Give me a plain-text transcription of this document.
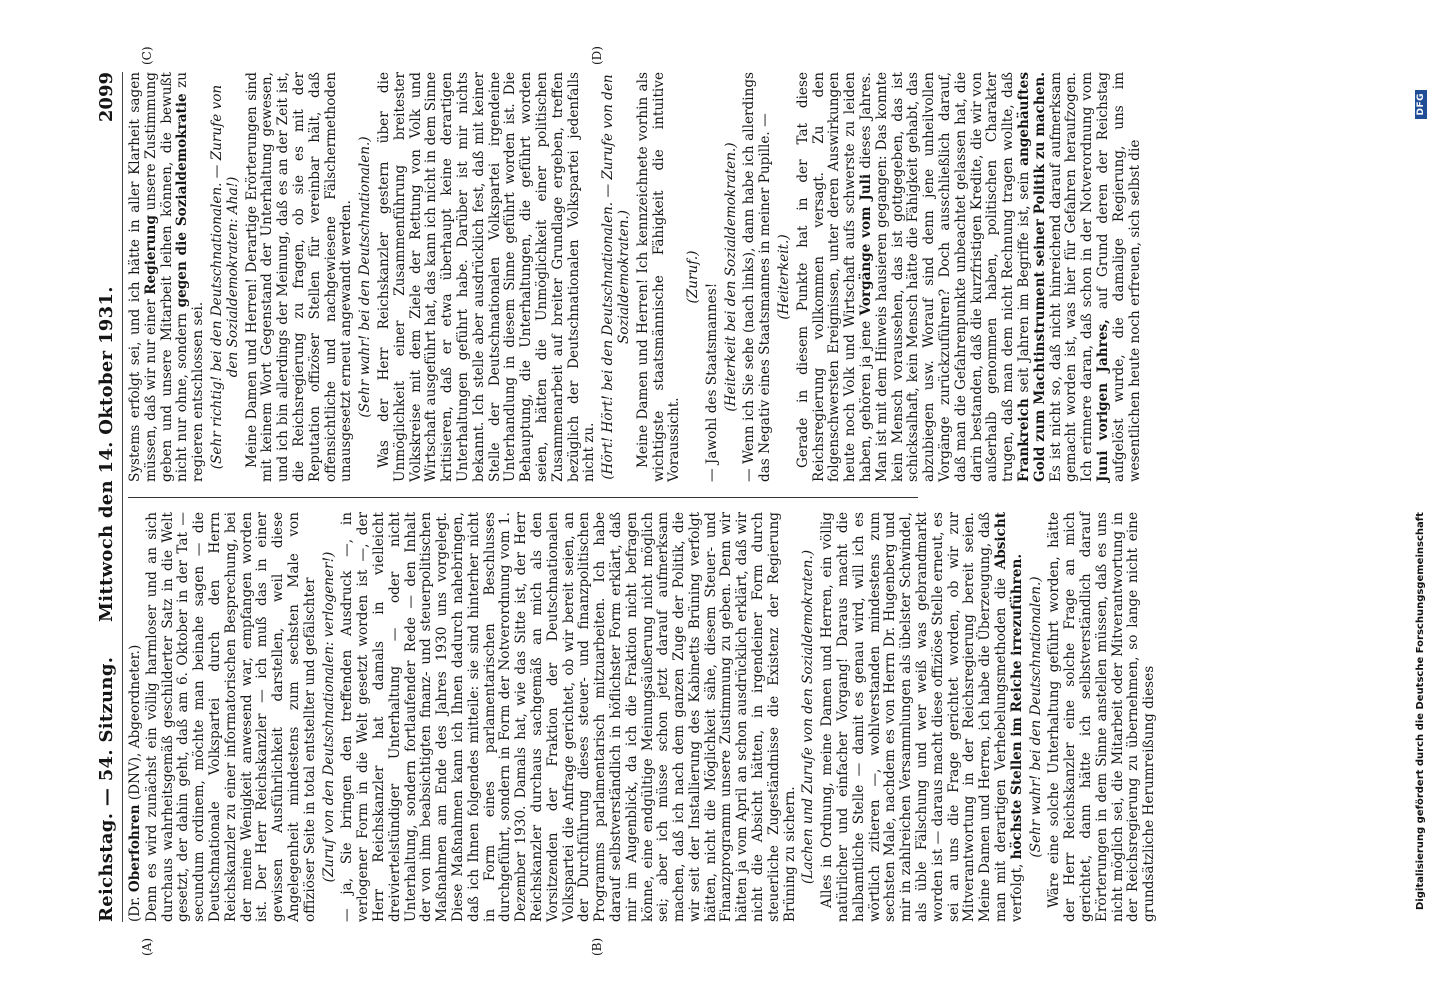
Reichstag. — 54. Sitzung.
Mittwoch den 14. Oktober 1931.
2099
(A)	(B)
(C)	(D)

(Dr. Oberfohren (DNV), Abgeordneter.) Denn es wird zunächst ein völlig harmloser und an sich durchaus wahrheitsgemäß geschilderter Satz in die Welt gesetzt, der dahin geht, daß am 6. Oktober in der Tat — secundum ordinem, möchte man beinahe sagen — die Deutschnationale Volkspartei durch den Herrn Reichskanzler zu einer informatorischen Besprechung, bei der meine Wenigkeit anwesend war, empfangen worden ist. Der Herr Reichskanzler — ich muß das in einer gewissen Ausführlichkeit darstellen, weil diese Angelegenheit mindestens zum sechsten Male von offiziöser Seite in total entstellter und gefälschter (Zuruf von den Deutschnationalen: verlogener!) — ja, Sie bringen den treffenden Ausdruck —, in verlogener Form in die Welt gesetzt worden ist —, der Herr Reichskanzler hat damals in vielleicht dreiviertelstündiger Unterhaltung — oder nicht Unterhaltung, sondern fortlaufender Rede — den Inhalt der von ihm beabsichtigten finanz- und steuerpolitischen Maßnahmen am Ende des Jahres 1930 uns vorgelegt. Diese Maßnahmen kann ich Ihnen dadurch nahebringen, daß ich Ihnen folgendes mitteile: sie sind hinterher nicht in Form eines parlamentarischen Beschlusses durchgeführt, sondern in Form der Notverordnung vom 1. Dezember 1930. Damals hat, wie das Sitte ist, der Herr Reichskanzler durchaus sachgemäß an mich als den Vorsitzenden der Fraktion der Deutschnationalen Volkspartei die Anfrage gerichtet, ob wir bereit seien, an der Durchführung dieses steuer- und finanzpolitischen Programms parlamentarisch mitzuarbeiten. Ich habe darauf selbstverständlich in höflichster Form erklärt, daß mir im Augenblick, da ich die Fraktion nicht befragen könne, eine endgültige Meinungsäußerung nicht möglich sei; aber ich müsse schon jetzt darauf aufmerksam machen, daß ich nach dem ganzen Zuge der Politik, die wir seit der Installierung des Kabinetts Brüning verfolgt hätten, nicht die Möglichkeit sähe, diesem Steuer- und Finanzprogramm unsere Zustimmung zu geben. Denn wir hätten ja vom April an schon ausdrücklich erklärt, daß wir nicht die Absicht hätten, in irgendeiner Form durch steuerliche Zugeständnisse die Existenz der Regierung Brüning zu sichern. (Lachen und Zurufe von den Sozialdemokraten.) Alles in Ordnung, meine Damen und Herren, ein völlig natürlicher und einfacher Vorgang! Daraus macht die halbamtliche Stelle — damit es genau wird, will ich es wörtlich zitieren —, wohlverstanden mindestens zum sechsten Male, nachdem es von Herrn Dr. Hugenberg und mir in zahlreichen Versammlungen als übelster Schwindel, als üble Fälschung und wer weiß was gebrandmarkt worden ist — daraus macht diese offiziöse Stelle erneut, es sei an uns die Frage gerichtet worden, ob wir zur Mitverantwortung in der Reichsregierung bereit seien. Meine Damen und Herren, ich habe die Überzeugung, daß man mit derartigen Verhebelungsmethoden die Absicht verfolgt, höchste Stellen im Reiche irrezuführen. (Sehr wahr! bei den Deutschnationalen.) Wäre eine solche Unterhaltung geführt worden, hätte der Herr Reichskanzler eine solche Frage an mich gerichtet, dann hätte ich selbstverständlich darauf Erörterungen in dem Sinne anstellen müssen, daß es uns nicht möglich sei, die Mitarbeit oder Mitverantwortung in der Reichsregierung zu übernehmen, so lange nicht eine grundsätzliche Herumreißung dieses

Systems erfolgt sei, und ich hätte in aller Klarheit sagen müssen, daß wir nur einer Regierung unsere Zustimmung geben und unsere Mitarbeit leihen können, die bewußt nicht nur ohne, sondern gegen die Sozialdemokratie zu regieren entschlossen sei. (Sehr richtig! bei den Deutschnationalen. — Zurufe von den Sozialdemokraten: Aha!) Meine Damen und Herren! Derartige Erörterungen sind mit keinem Wort Gegenstand der Unterhaltung gewesen, und ich bin allerdings der Meinung, daß es an der Zeit ist, die Reichsregierung zu fragen, ob sie es mit der Reputation offizöser Stellen für vereinbar hält, daß offensichtliche und nachgewiesene Fälschermethoden unausgesetzt erneut angewandt werden. (Sehr wahr! bei den Deutschnationalen.) Was der Herr Reichskanzler gestern über die Unmöglichkeit einer Zusammenführung breitester Volkskreise mit dem Ziele der Rettung von Volk und Wirtschaft ausgeführt hat, das kann ich nicht in dem Sinne kritisieren, daß er etwa überhaupt keine derartigen Unterhaltungen geführt habe. Darüber ist mir nichts bekannt. Ich stelle aber ausdrücklich fest, daß mit keiner Stelle der Deutschnationalen Volkspartei irgendeine Unterhandlung in diesem Sinne geführt worden ist. Die Behauptung, die Unterhaltungen, die geführt worden seien, hätten die Unmöglichkeit einer politischen Zusammenarbeit auf breiter Grundlage ergeben, treffen bezüglich der Deutschnationalen Volkspartei jedenfalls nicht zu. (Hört! Hört! bei den Deutschnationalen. — Zurufe von den Sozialdemokraten.) Meine Damen und Herren! Ich kennzeichnete vorhin als wichtigste staatsmännische Fähigkeit die intuitive Voraussicht.

(Zuruf.)

— Jawohl des Staatsmannes! (Heiterkeit bei den Sozialdemokraten.) — Wenn ich Sie sehe (nach links), dann habe ich allerdings das Negativ eines Staatsmannes in meiner Pupille. — (Heiterkeit.) Gerade in diesem Punkte hat in der Tat diese Reichsregierung vollkommen versagt. Zu den folgenschwersten Ereignissen, unter deren Auswirkungen heute noch Volk und Wirtschaft aufs schwerste zu leiden haben, gehören ja jene Vorgänge vom Juli dieses Jahres. Man ist mit dem Hinweis hausieren gegangen: Das konnte kein Mensch voraussehen, das ist gottgegeben, das ist schicksalhaft, kein Mensch hätte die Fähigkeit gehabt, das abzubiegen usw. Worauf sind denn jene unheilvollen Vorgänge zurückzuführen? Doch ausschließlich darauf, daß man die Gefahrenpunkte unbeachtet gelassen hat, die darin bestanden, daß die kurzfristigen Kredite, die wir von außerhalb genommen haben, politischen Charakter trugen, daß man dem nicht Rechnung tragen wollte, daß Frankreich seit Jahren im Begriffe ist, sein angehäuftes Gold zum Machtinstrument seiner Politik zu machen. Es ist nicht so, daß nicht hinreichend darauf aufmerksam gemacht worden ist, was hier für Gefahren heraufzogen. Ich erinnere daran, daß schon in der Notverordnung vom Juni vorigen Jahres, auf Grund deren der Reichstag aufgelöst wurde, die damalige Regierung, uns im wesentlichen heute noch erfreuen, sich selbst die

Digitalisierung gefördert durch die Deutsche Forschungsgemeinschaft
DFG
